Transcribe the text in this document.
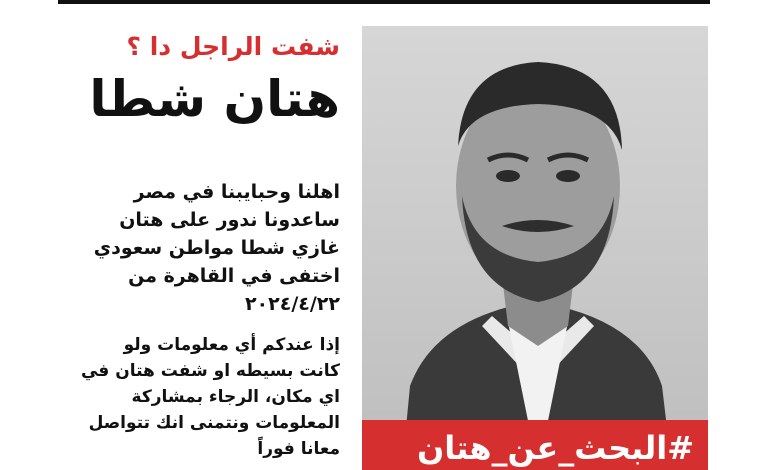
شفت الراجل دا ؟

هتان شطا
اهلنا وحبايبنا في مصر
ساعدونا ندور على هتان
غازي شطا مواطن سعودي
اختفى في القاهرة من
٢٠٢٤/٤/٢٢
إذا عندكم أي معلومات ولو
كانت بسيطه او شفت هتان في
اي مكان، الرجاء بمشاركة
المعلومات ونتمنى انك تتواصل
معانا فوراً	#البحث_عن_هتان
